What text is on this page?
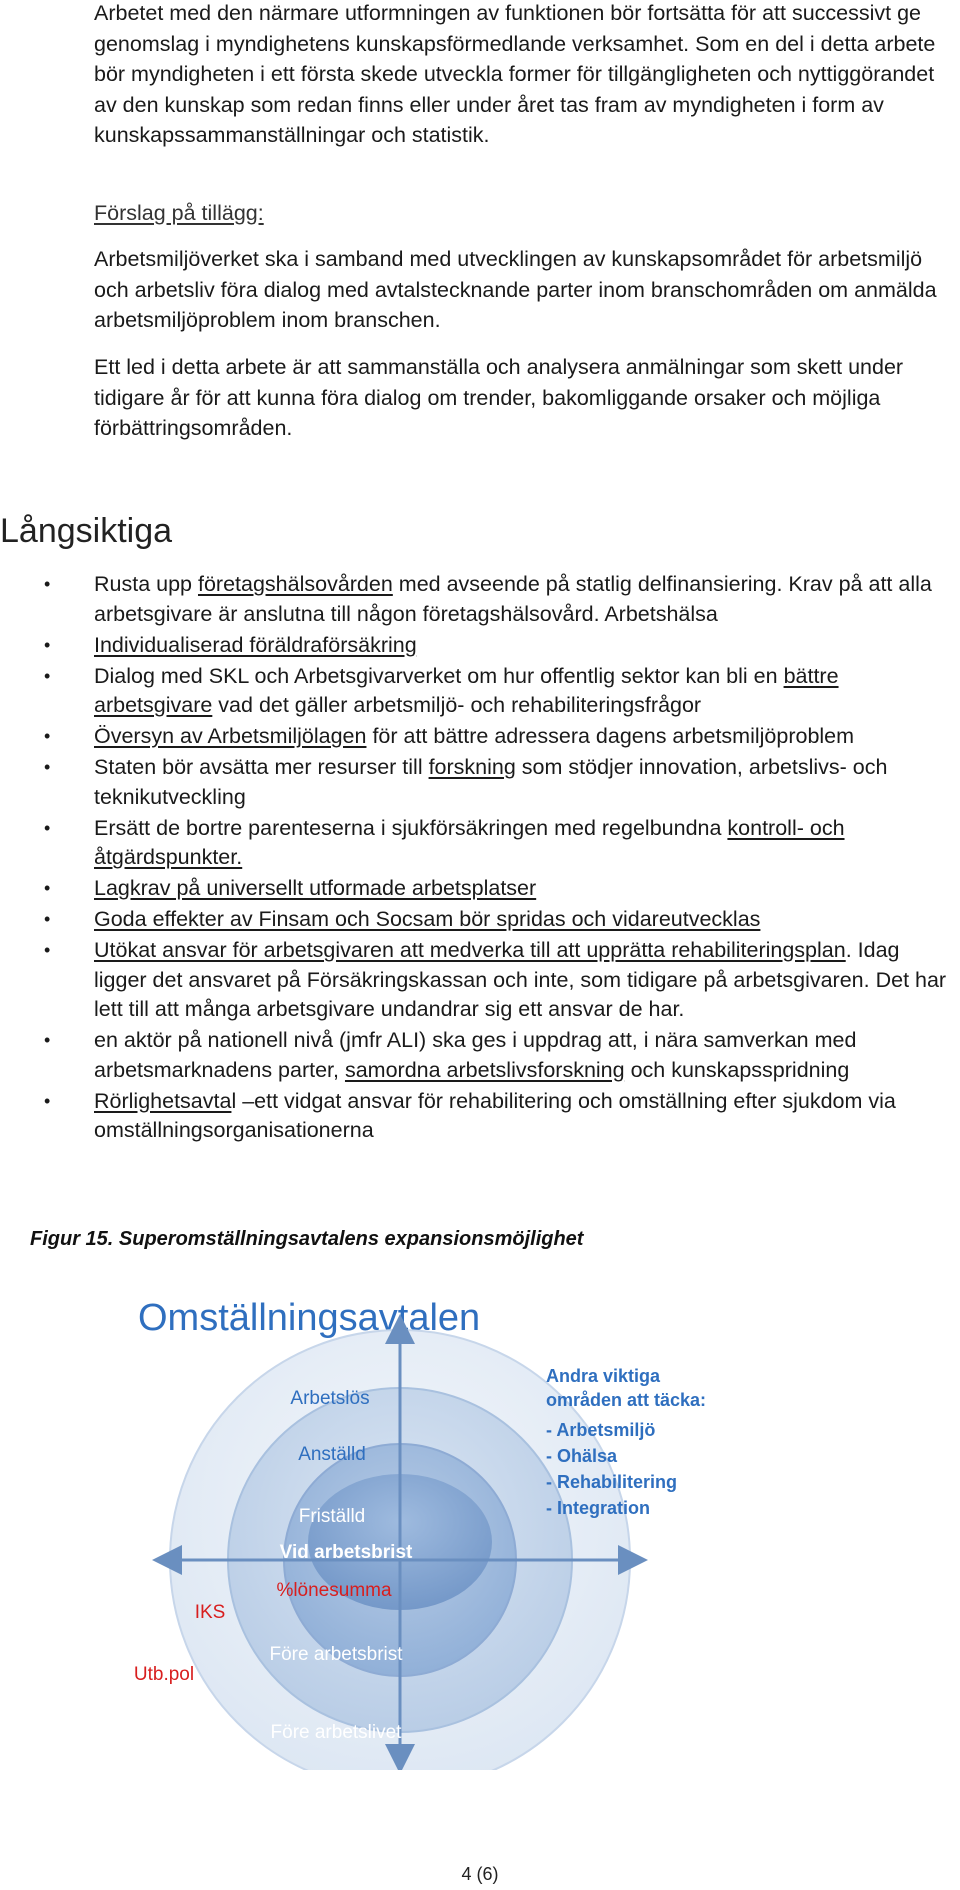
Arbetet med den närmare utformningen av funktionen bör fortsätta för att successivt ge genomslag i myndighetens kunskapsförmedlande verksamhet. Som en del i detta arbete bör myndigheten i ett första skede utveckla former för tillgängligheten och nyttiggörandet av den kunskap som redan finns eller under året tas fram av myndigheten i form av kunskapssammanställningar och statistik.

Förslag på tillägg:

Arbetsmiljöverket ska i samband med utvecklingen av kunskapsområdet för arbetsmiljö och arbetsliv föra dialog med avtalstecknande parter inom branschområden om anmälda arbetsmiljöproblem inom branschen.

Ett led i detta arbete är att sammanställa och analysera anmälningar som skett under tidigare år för att kunna föra dialog om trender, bakomliggande orsaker och möjliga förbättringsområden.

Långsiktiga
• Rusta upp företagshälsovården med avseende på statlig delfinansiering. Krav på att alla arbetsgivare är anslutna till någon företagshälsovård. Arbetshälsa
• Individualiserad föräldraförsäkring
• Dialog med SKL och Arbetsgivarverket om hur offentlig sektor kan bli en bättre arbetsgivare vad det gäller arbetsmiljö- och rehabiliteringsfrågor
• Översyn av Arbetsmiljölagen för att bättre adressera dagens arbetsmiljöproblem
• Staten bör avsätta mer resurser till forskning som stödjer innovation, arbetslivs- och teknikutveckling
• Ersätt de bortre parenteserna i sjukförsäkringen med regelbundna kontroll- och åtgärdspunkter.
• Lagkrav på universellt utformade arbetsplatser
• Goda effekter av Finsam och Socsam bör spridas och vidareutvecklas
• Utökat ansvar för arbetsgivaren att medverka till att upprätta rehabiliteringsplan. Idag ligger det ansvaret på Försäkringskassan och inte, som tidigare på arbetsgivaren. Det har lett till att många arbetsgivare undandrar sig ett ansvar de har.
• en aktör på nationell nivå (jmfr ALI) ska ges i uppdrag att, i nära samverkan med arbetsmarknadens parter, samordna arbetslivsforskning och kunskapsspridning
• Rörlighetsavtal –ett vidgat ansvar för rehabilitering och omställning efter sjukdom via omställningsorganisationerna

Figur 15. Superomställningsavtalens expansionsmöjlighet

Omställningsavtalen
Arbetslös
Anställd
Friställd
Vid arbetsbrist
%lönesumma
IKS
Utb.pol
Före arbetsbrist
Före arbetslivet
Andra viktiga områden att täcka:
- Arbetsmiljö
- Ohälsa
- Rehabilitering
- Integration
4 (6)
